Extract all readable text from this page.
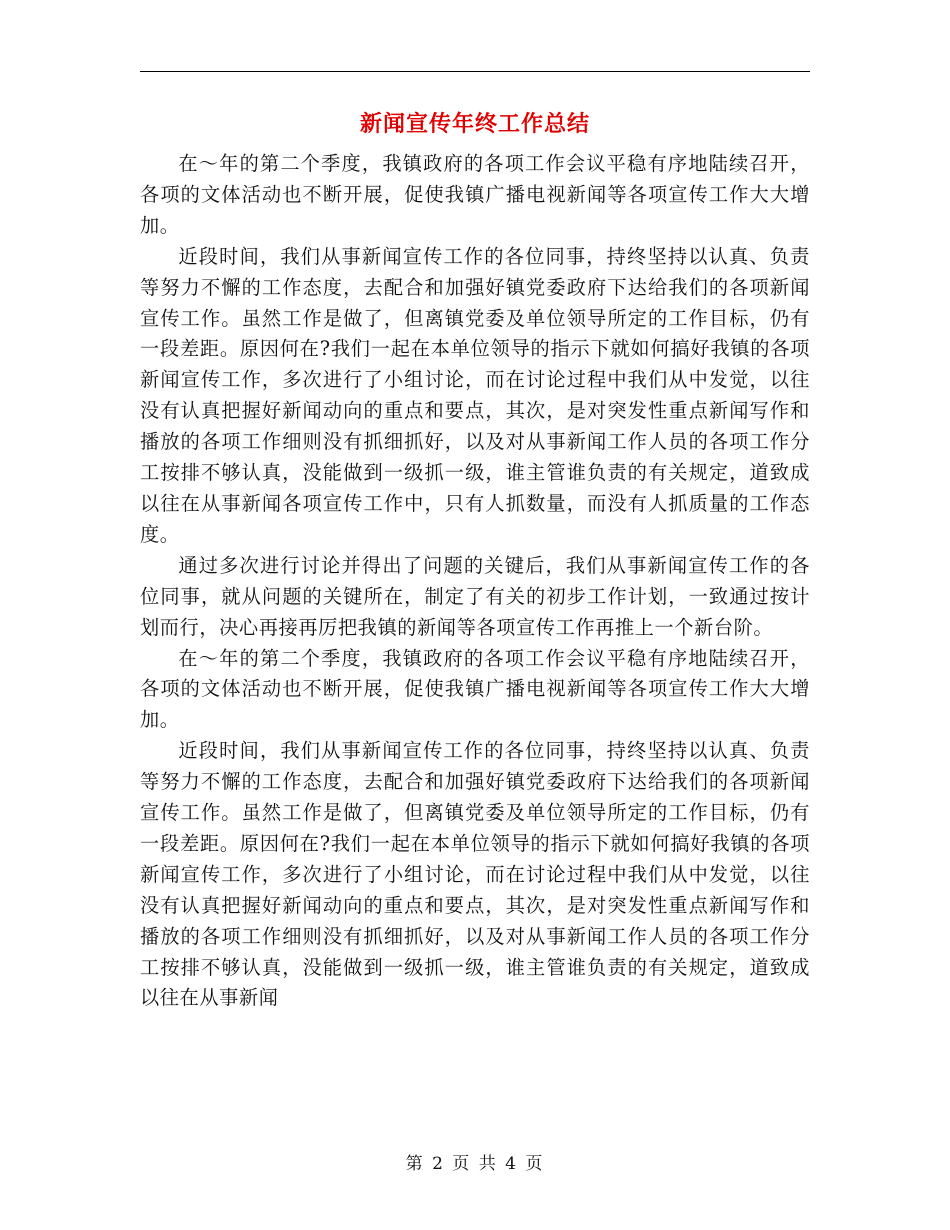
新闻宣传年终工作总结

在～年的第二个季度，我镇政府的各项工作会议平稳有序地陆续召开，各项的文体活动也不断开展，促使我镇广播电视新闻等各项宣传工作大大增加。

近段时间，我们从事新闻宣传工作的各位同事，持终坚持以认真、负责等努力不懈的工作态度，去配合和加强好镇党委政府下达给我们的各项新闻宣传工作。虽然工作是做了，但离镇党委及单位领导所定的工作目标，仍有一段差距。原因何在?我们一起在本单位领导的指示下就如何搞好我镇的各项新闻宣传工作，多次进行了小组讨论，而在讨论过程中我们从中发觉，以往没有认真把握好新闻动向的重点和要点，其次，是对突发性重点新闻写作和播放的各项工作细则没有抓细抓好，以及对从事新闻工作人员的各项工作分工按排不够认真，没能做到一级抓一级，谁主管谁负责的有关规定，道致成以往在从事新闻各项宣传工作中，只有人抓数量，而没有人抓质量的工作态度。

通过多次进行讨论并得出了问题的关键后，我们从事新闻宣传工作的各位同事，就从问题的关键所在，制定了有关的初步工作计划，一致通过按计划而行，决心再接再厉把我镇的新闻等各项宣传工作再推上一个新台阶。

在～年的第二个季度，我镇政府的各项工作会议平稳有序地陆续召开，各项的文体活动也不断开展，促使我镇广播电视新闻等各项宣传工作大大增加。

近段时间，我们从事新闻宣传工作的各位同事，持终坚持以认真、负责等努力不懈的工作态度，去配合和加强好镇党委政府下达给我们的各项新闻宣传工作。虽然工作是做了，但离镇党委及单位领导所定的工作目标，仍有一段差距。原因何在?我们一起在本单位领导的指示下就如何搞好我镇的各项新闻宣传工作，多次进行了小组讨论，而在讨论过程中我们从中发觉，以往没有认真把握好新闻动向的重点和要点，其次，是对突发性重点新闻写作和播放的各项工作细则没有抓细抓好，以及对从事新闻工作人员的各项工作分工按排不够认真，没能做到一级抓一级，谁主管谁负责的有关规定，道致成以往在从事新闻

第 2 页 共 4 页
